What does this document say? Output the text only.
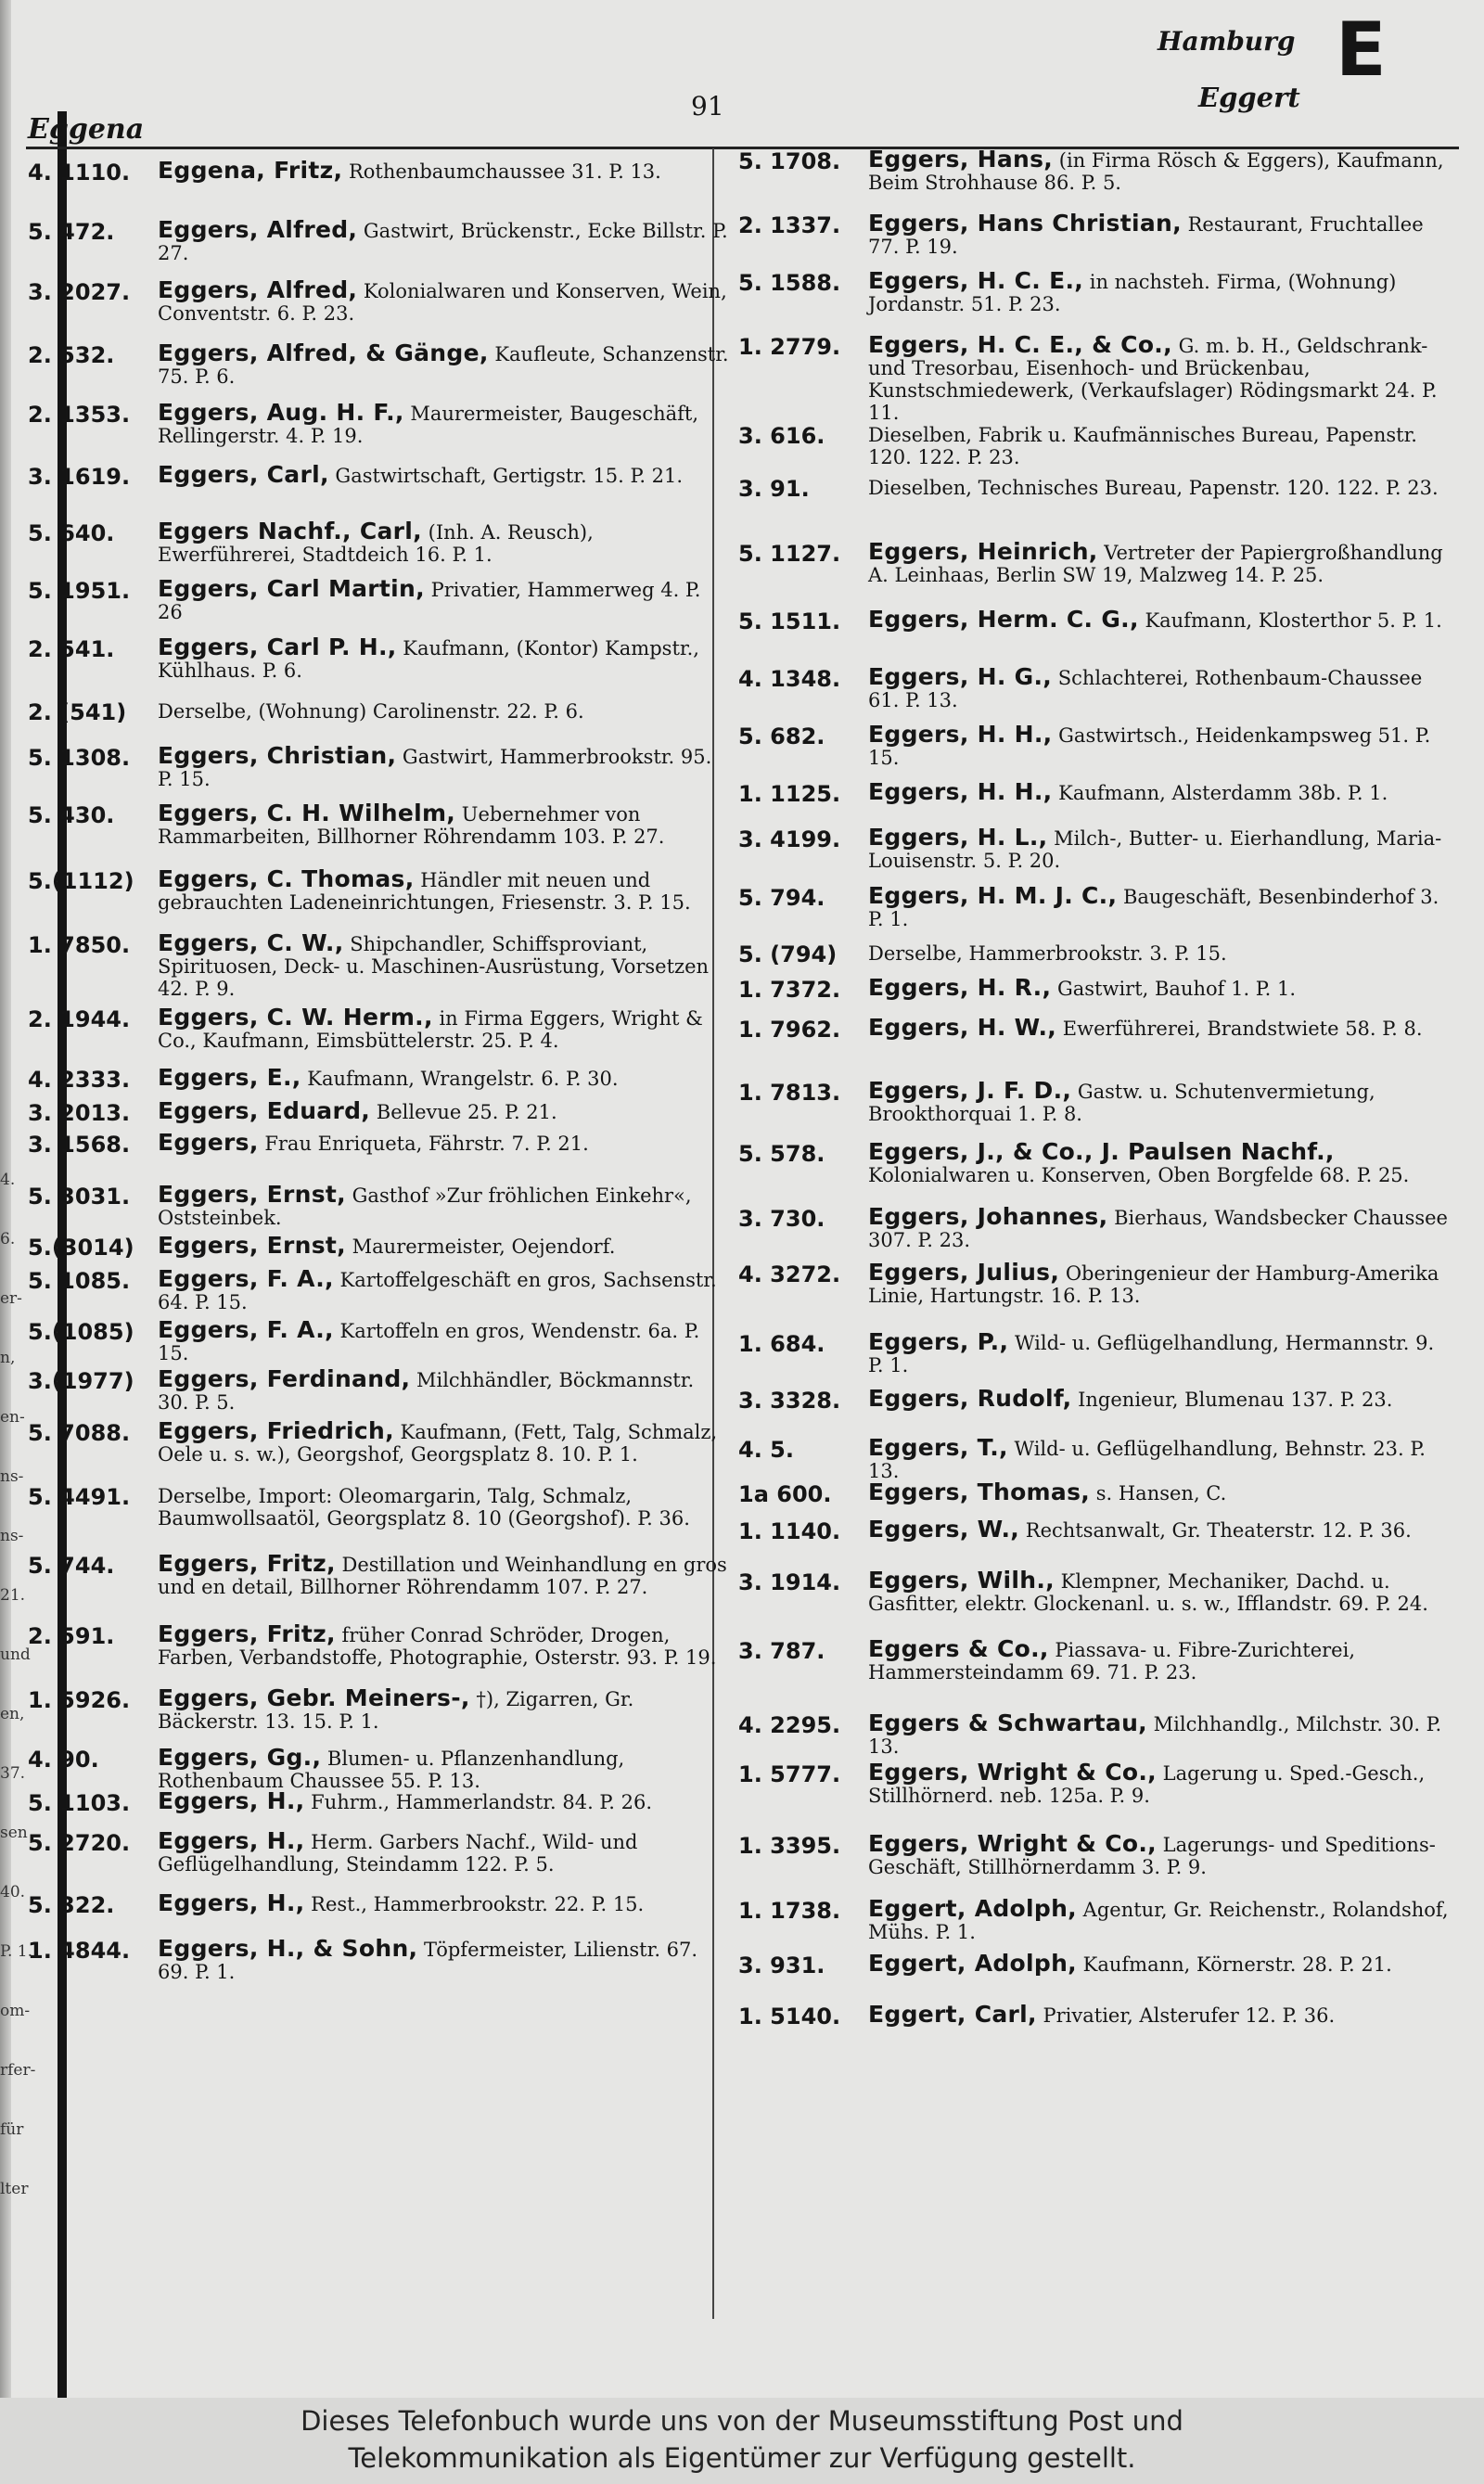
4.
6.
er-
n,
en-
ns-
ns-
21.
und
en,
37.
sen
40.
P. 1.
om-
rfer-
für
lter
Eggena
91
Hamburg
Eggert
E
4. 1110. Eggena, Fritz, Rothenbaumchaussee 31. P. 13.
5. 472. Eggers, Alfred, Gastwirt, Brückenstr., Ecke Billstr. P. 27.
3. 2027. Eggers, Alfred, Kolonialwaren und Konserven, Wein, Conventstr. 6. P. 23.
2. 532. Eggers, Alfred, & Gänge, Kaufleute, Schanzenstr. 75. P. 6.
2. 1353. Eggers, Aug. H. F., Maurermeister, Baugeschäft, Rellingerstr. 4. P. 19.
3. 1619. Eggers, Carl, Gastwirtschaft, Gertigstr. 15. P. 21.
5. 640. Eggers Nachf., Carl, (Inh. A. Reusch), Ewerführerei, Stadtdeich 16. P. 1.
5. 1951. Eggers, Carl Martin, Privatier, Hammerweg 4. P. 26
2. 541. Eggers, Carl P. H., Kaufmann, (Kontor) Kampstr., Kühlhaus. P. 6.
2. (541) Derselbe, (Wohnung) Carolinenstr. 22. P. 6.
5. 1308. Eggers, Christian, Gastwirt, Hammerbrookstr. 95. P. 15.
5. 430. Eggers, C. H. Wilhelm, Uebernehmer von Rammarbeiten, Billhorner Röhrendamm 103. P. 27.
5.(1112) Eggers, C. Thomas, Händler mit neuen und gebrauchten Ladeneinrichtungen, Friesenstr. 3. P. 15.
1. 7850. Eggers, C. W., Shipchandler, Schiffsproviant, Spirituosen, Deck- u. Maschinen-Ausrüstung, Vorsetzen 42. P. 9.
2. 1944. Eggers, C. W. Herm., in Firma Eggers, Wright & Co., Kaufmann, Eimsbüttelerstr. 25. P. 4.
4. 2333. Eggers, E., Kaufmann, Wrangelstr. 6. P. 30.
3. 2013. Eggers, Eduard, Bellevue 25. P. 21.
3. 1568. Eggers, Frau Enriqueta, Fährstr. 7. P. 21.
5. 3031. Eggers, Ernst, Gasthof »Zur fröhlichen Einkehr«, Oststeinbek.
5.(3014) Eggers, Ernst, Maurermeister, Oejendorf.
5. 1085. Eggers, F. A., Kartoffelgeschäft en gros, Sachsenstr. 64. P. 15.
5.(1085) Eggers, F. A., Kartoffeln en gros, Wendenstr. 6a. P. 15.
3.(1977) Eggers, Ferdinand, Milchhändler, Böckmannstr. 30. P. 5.
5. 7088. Eggers, Friedrich, Kaufmann, (Fett, Talg, Schmalz, Oele u. s. w.), Georgshof, Georgsplatz 8. 10. P. 1.
5. 4491. Derselbe, Import: Oleomargarin, Talg, Schmalz, Baumwollsaatöl, Georgsplatz 8. 10 (Georgshof). P. 36.
5. 744. Eggers, Fritz, Destillation und Weinhandlung en gros und en detail, Billhorner Röhrendamm 107. P. 27.
2. 591. Eggers, Fritz, früher Conrad Schröder, Drogen, Farben, Verbandstoffe, Photographie, Osterstr. 93. P. 19.
1. 5926. Eggers, Gebr. Meiners-, †), Zigarren, Gr. Bäckerstr. 13. 15. P. 1.
4. 90.	Eggers, Gg., Blumen- u. Pflanzenhandlung, Rothenbaum Chaussee 55. P. 13.
5. 1103. Eggers, H., Fuhrm., Hammerlandstr. 84. P. 26.
5. 2720. Eggers, H., Herm. Garbers Nachf., Wild- und Geflügelhandlung, Steindamm 122. P. 5.
5. 322. Eggers, H., Rest., Hammerbrookstr. 22. P. 15.
1. 4844. Eggers, H., & Sohn, Töpfermeister, Lilienstr. 67. 69. P. 1.
5. 1708. Eggers, Hans, (in Firma Rösch & Eggers), Kaufmann, Beim Strohhause 86. P. 5.
2. 1337. Eggers, Hans Christian, Restaurant, Fruchtallee 77. P. 19.
5. 1588. Eggers, H. C. E., in nachsteh. Firma, (Wohnung) Jordanstr. 51. P. 23.
1. 2779. Eggers, H. C. E., & Co., G. m. b. H., Geldschrank- und Tresorbau, Eisenhoch- und Brückenbau, Kunstschmiedewerk, (Verkaufslager) Rödingsmarkt 24. P. 11.
3. 616. Dieselben, Fabrik u. Kaufmännisches Bureau, Papenstr. 120. 122. P. 23.
3. 91.	Dieselben, Technisches Bureau, Papenstr. 120. 122. P. 23.
5. 1127. Eggers, Heinrich, Vertreter der Papiergroßhandlung A. Leinhaas, Berlin SW 19, Malzweg 14. P. 25.
5. 1511. Eggers, Herm. C. G., Kaufmann, Klosterthor 5. P. 1.
4. 1348. Eggers, H. G., Schlachterei, Rothenbaum-Chaussee 61. P. 13.
5. 682. Eggers, H. H., Gastwirtsch., Heidenkampsweg 51. P. 15.
1. 1125. Eggers, H. H., Kaufmann, Alsterdamm 38b. P. 1.
3. 4199. Eggers, H. L., Milch-, Butter- u. Eierhandlung, Maria-Louisenstr. 5. P. 20.
5. 794. Eggers, H. M. J. C., Baugeschäft, Besenbinderhof 3. P. 1.
5. (794) Derselbe, Hammerbrookstr. 3. P. 15.
1. 7372. Eggers, H. R., Gastwirt, Bauhof 1. P. 1.
1. 7962. Eggers, H. W., Ewerführerei, Brandstwiete 58. P. 8.
1. 7813. Eggers, J. F. D., Gastw. u. Schutenvermietung, Brookthorquai 1. P. 8.
5. 578. Eggers, J., & Co., J. Paulsen Nachf., Kolonialwaren u. Konserven, Oben Borgfelde 68. P. 25.
3. 730. Eggers, Johannes, Bierhaus, Wandsbecker Chaussee 307. P. 23.
4. 3272. Eggers, Julius, Oberingenieur der Hamburg-Amerika Linie, Hartungstr. 16. P. 13.
1. 684. Eggers, P., Wild- u. Geflügelhandlung, Hermannstr. 9. P. 1.
3. 3328. Eggers, Rudolf, Ingenieur, Blumenau 137. P. 23.
4. 5.	Eggers, T., Wild- u. Geflügelhandlung, Behnstr. 23. P. 13.
1a 600. Eggers, Thomas, s. Hansen, C.
1. 1140. Eggers, W., Rechtsanwalt, Gr. Theaterstr. 12. P. 36.
3. 1914. Eggers, Wilh., Klempner, Mechaniker, Dachd. u. Gasfitter, elektr. Glockenanl. u. s. w., Ifflandstr. 69. P. 24.
3. 787. Eggers & Co., Piassava- u. Fibre-Zurichterei, Hammersteindamm 69. 71. P. 23.
4. 2295. Eggers & Schwartau, Milchhandlg., Milchstr. 30. P. 13.
1. 5777. Eggers, Wright & Co., Lagerung u. Sped.-Gesch., Stillhörnerd. neb. 125a. P. 9.
1. 3395. Eggers, Wright & Co., Lagerungs- und Speditions-Geschäft, Stillhörnerdamm 3. P. 9.
1. 1738. Eggert, Adolph, Agentur, Gr. Reichenstr., Rolandshof, Mühs. P. 1.
3. 931. Eggert, Adolph, Kaufmann, Körnerstr. 28. P. 21.
1. 5140. Eggert, Carl, Privatier, Alsterufer 12. P. 36.
Dieses Telefonbuch wurde uns von der Museumsstiftung Post und
Telekommunikation als Eigentümer zur Verfügung gestellt.
